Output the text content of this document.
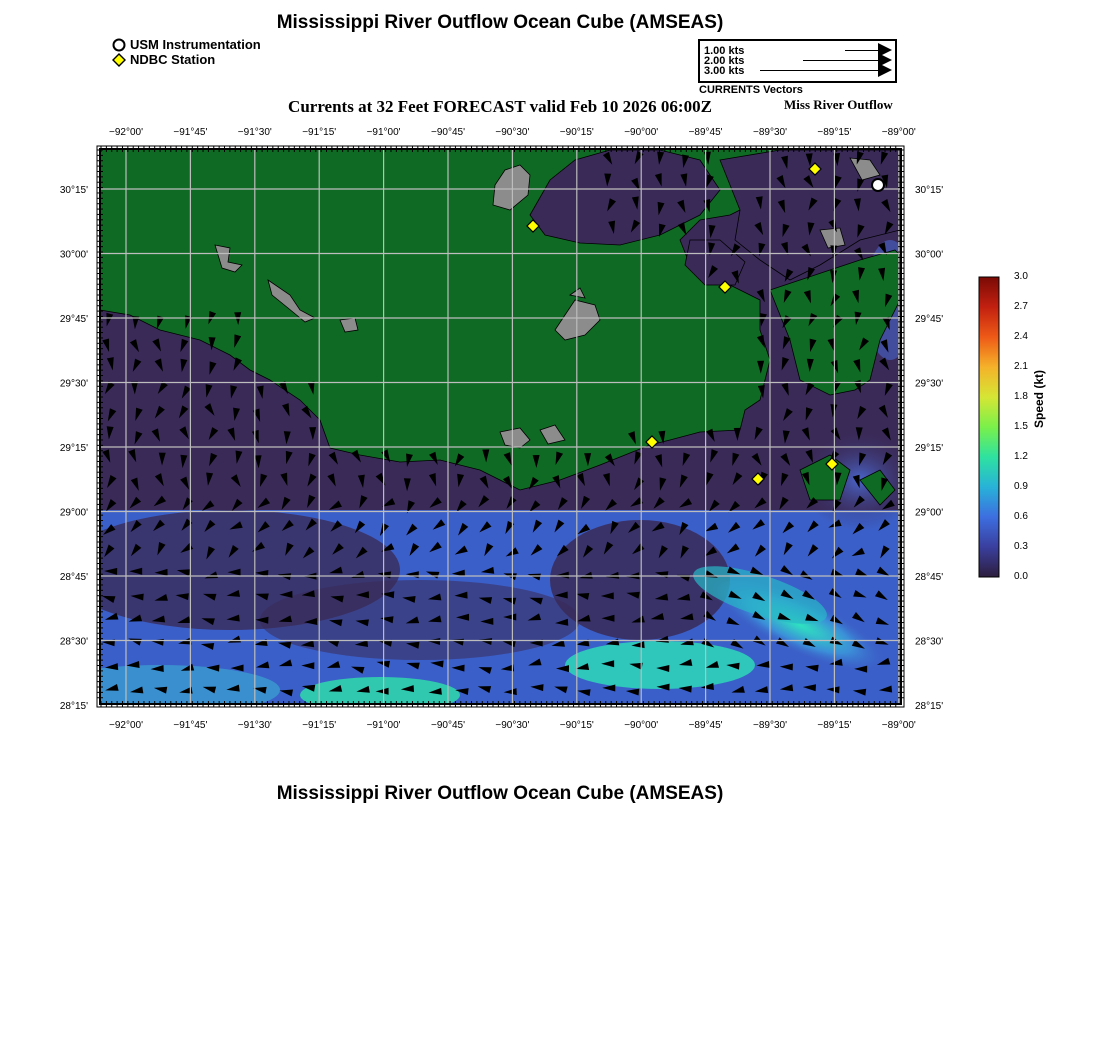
Mississippi River Outflow Ocean Cube (AMSEAS)
USM Instrumentation
NDBC Station
1.00 kts
2.00 kts
3.00 kts
CURRENTS Vectors
Currents at 32 Feet FORECAST valid Feb 10 2026 06:00Z	Miss River Outflow
−92°00'
−92°00'
−91°45'
−91°45'
−91°30'
−91°30'
−91°15'
−91°15'
−91°00'
−91°00'
−90°45'
−90°45'
−90°30'
−90°30'
−90°15'
−90°15'
−90°00'
−90°00'
−89°45'
−89°45'
−89°30'
−89°30'
−89°15'
−89°15'
−89°00'
−89°00'
30°15'	30°15'
30°00'	30°00'
29°45'	29°45'
29°30'	29°30'
29°15'	29°15'
29°00'	29°00'
28°45'	28°45'
28°30'	28°30'
28°15'	28°15'
3.0
2.7
2.4
2.1
1.8
1.5
1.2
0.9
0.6
0.3
0.0
Speed (kt)
Mississippi River Outflow Ocean Cube (AMSEAS)
